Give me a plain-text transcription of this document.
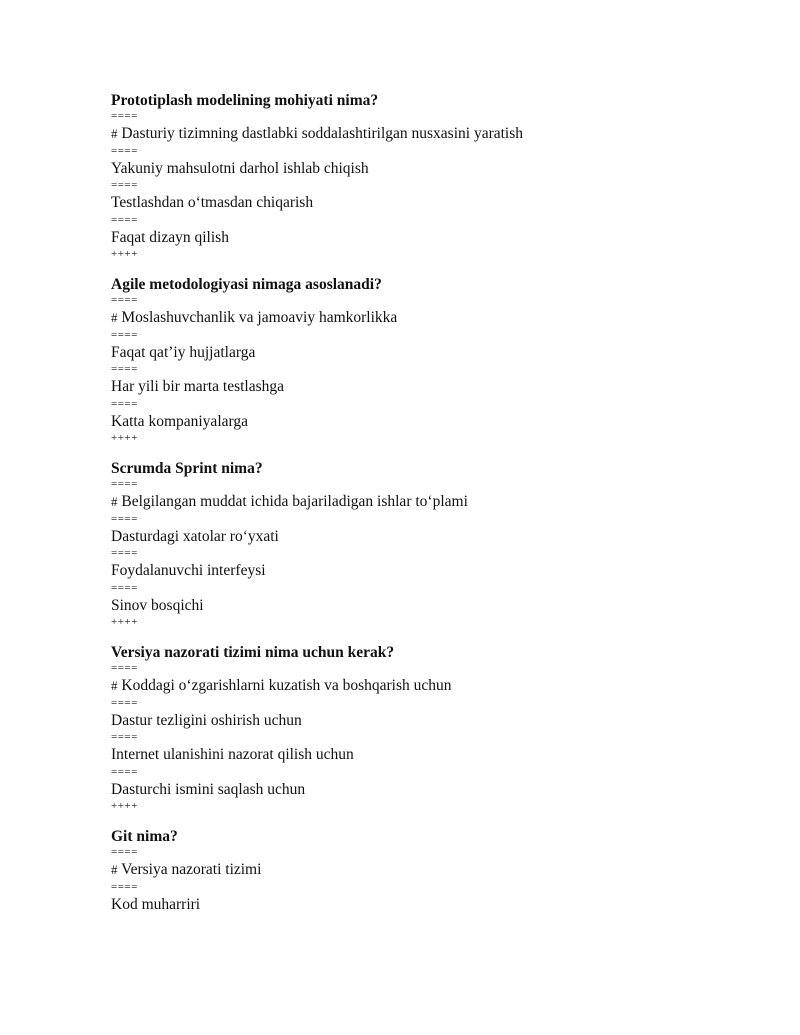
Prototiplash modelining mohiyati nima?
====
# Dasturiy tizimning dastlabki soddalashtirilgan nusxasini yaratish
====
Yakuniy mahsulotni darhol ishlab chiqish
====
Testlashdan oʻtmasdan chiqarish
====
Faqat dizayn qilish
++++
Agile metodologiyasi nimaga asoslanadi?
====
# Moslashuvchanlik va jamoaviy hamkorlikka
====
Faqat qat’iy hujjatlarga
====
Har yili bir marta testlashga
====
Katta kompaniyalarga
++++
Scrumda Sprint nima?
====
# Belgilangan muddat ichida bajariladigan ishlar toʻplami
====
Dasturdagi xatolar roʻyxati
====
Foydalanuvchi interfeysi
====
Sinov bosqichi
++++
Versiya nazorati tizimi nima uchun kerak?
====
# Koddagi oʻzgarishlarni kuzatish va boshqarish uchun
====
Dastur tezligini oshirish uchun
====
Internet ulanishini nazorat qilish uchun
====
Dasturchi ismini saqlash uchun
++++
Git nima?
====
# Versiya nazorati tizimi
====
Kod muharriri
